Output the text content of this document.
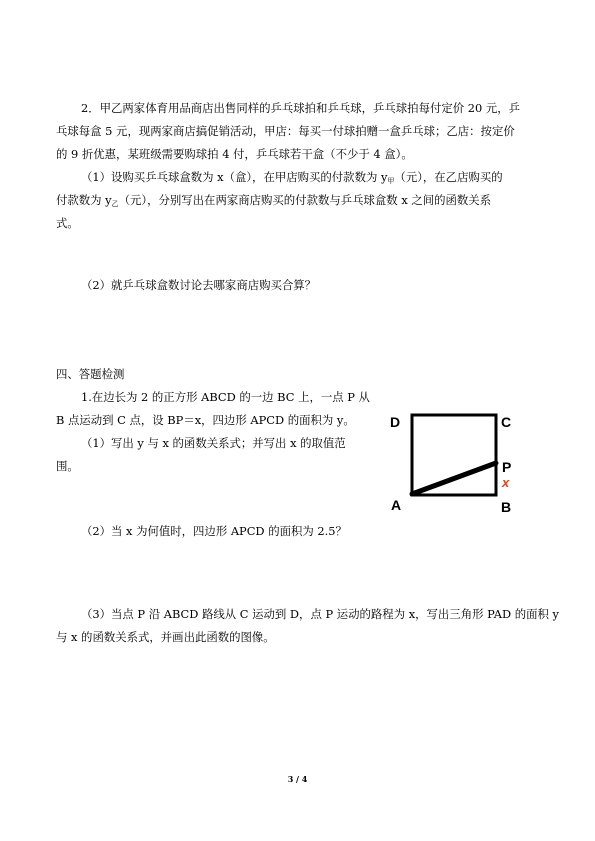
2．甲乙两家体育用品商店出售同样的乒乓球拍和乒乓球，乒乓球拍每付定价 20 元，乒
乓球每盒 5 元，现两家商店搞促销活动，甲店：每买一付球拍赠一盒乒乓球；乙店：按定价
的 9 折优惠，某班级需要购球拍 4 付，乒乓球若干盒（不少于 4 盒）。
（1）设购买乒乓球盒数为 x（盒），在甲店购买的付款数为 $y_甲$（元），在乙店购买的
付款数为 $y_乙$（元），分别写出在两家商店购买的付款数与乒乓球盒数 x 之间的函数关系
式。
（2）就乒乓球盒数讨论去哪家商店购买合算？
四、答题检测
1.在边长为 2 的正方形 ABCD 的一边 BC 上，一点 P 从
B 点运动到 C 点，设 BP＝x，四边形 APCD 的面积为 y。
（1）写出 y 与 x 的函数关系式；并写出 x 的取值范
围。
（2）当 x 为何值时，四边形 APCD 的面积为 2.5？
（3）当点 P 沿 ABCD 路线从 C 运动到 D，点 P 运动的路程为 x，写出三角形 PAD 的面积 y
与 x 的函数关系式，并画出此函数的图像。
D	C
A	B
P
x
3 / 4
